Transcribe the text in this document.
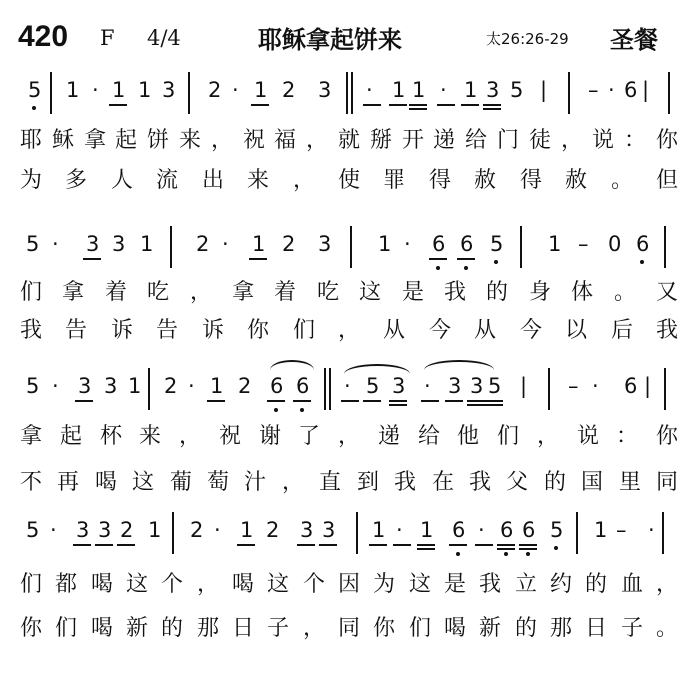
420 F 4/4	耶稣拿起饼来	太26:26-29 圣餐
5 1 · 1 1 3 2 · 1 2 3 · 1 1 · 1 3 5 | – · 6 |
耶 稣 拿 起 饼 来 ， 祝 福 ， 就 掰 开 递 给 门 徒 ， 说 ： 你
为 多 人 流 出 来 ， 使 罪 得 赦 得 赦 。 但
5 · 3 3 1 2 · 1 2 3 1 · 6 6 5 1 – 0 6
们 拿 着 吃 ， 拿 着 吃 这 是 我 的 身 体 。 又
我 告 诉 告 诉 你 们 ， 从 今 从 今 以 后 我
5 · 3 3 1 2 · 1 2 6 6 · 5 3 · 3 3 5 | – · 6 |
拿 起 杯 来 ， 祝 谢 了 ， 递 给 他 们 ， 说 ： 你
不 再 喝 这 葡 萄 汁 ， 直 到 我 在 我 父 的 国 里 同
5 · 3 3 2 1 2 · 1 2 3 3 1 · 1 6 · 6 6 5 1 – ·
们 都 喝 这 个 ， 喝 这 个 因 为 这 是 我 立 约 的 血 ，
你 们 喝 新 的 那 日 子 ， 同 你 们 喝 新 的 那 日 子 。
